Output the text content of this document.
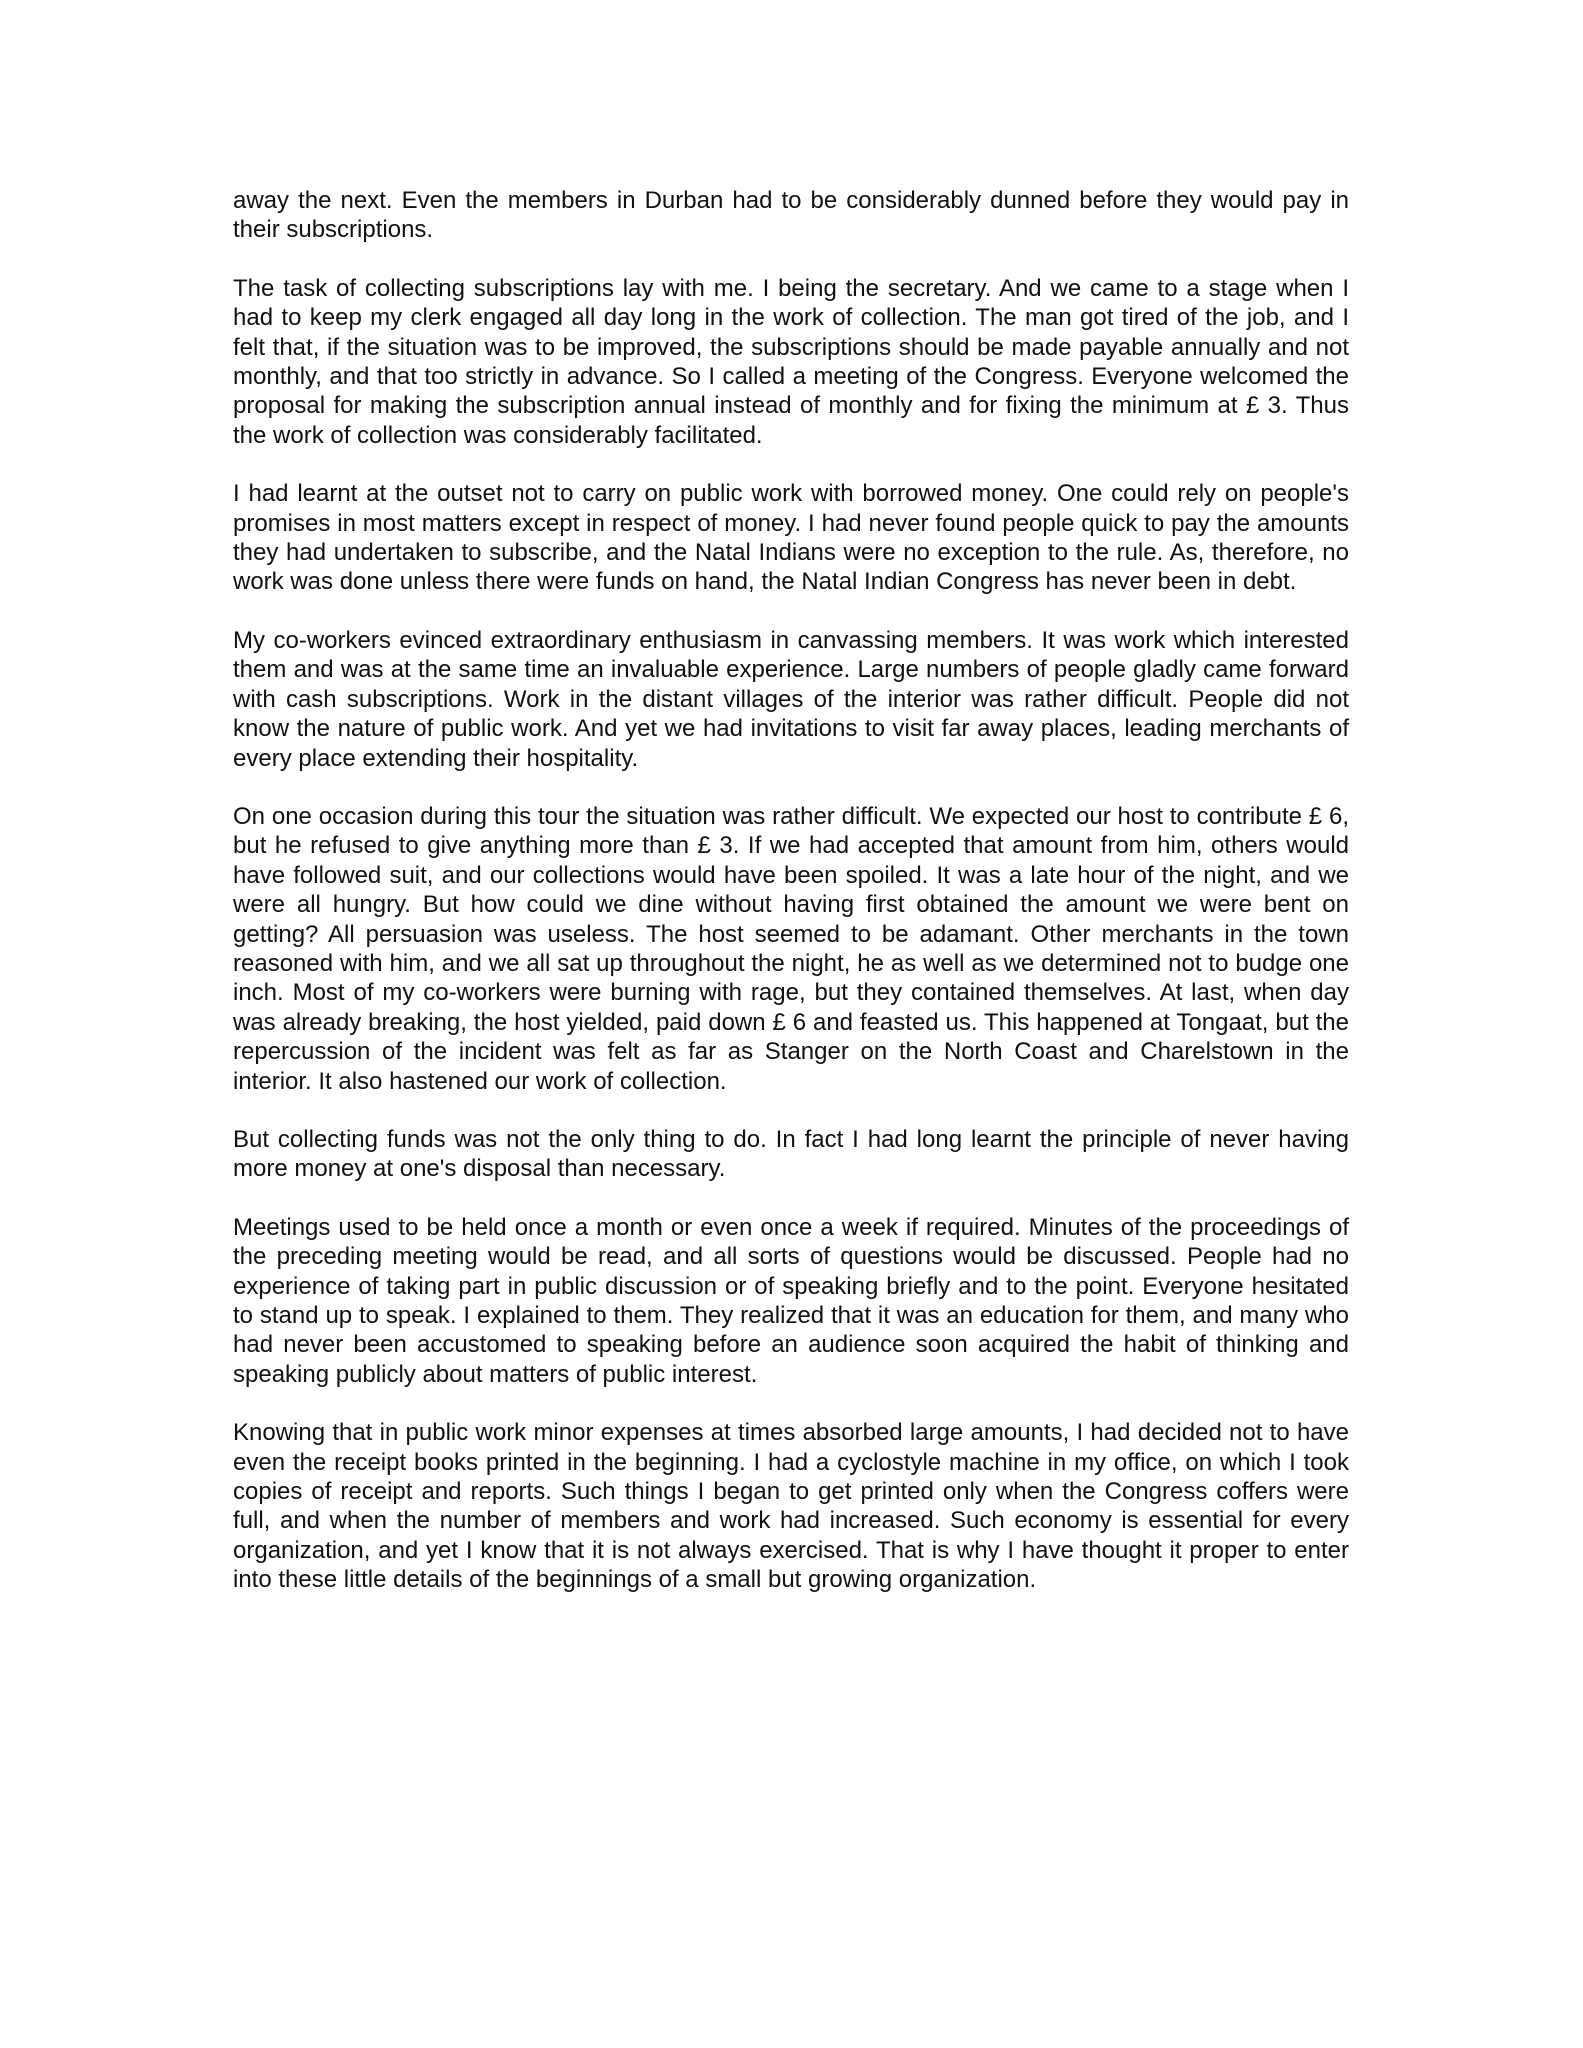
away the next. Even the members in Durban had to be considerably dunned before they would pay in their subscriptions.

The task of collecting subscriptions lay with me. I being the secretary. And we came to a stage when I had to keep my clerk engaged all day long in the work of collection. The man got tired of the job, and I felt that, if the situation was to be improved, the subscriptions should be made payable annually and not monthly, and that too strictly in advance. So I called a meeting of the Congress. Everyone welcomed the proposal for making the subscription annual instead of monthly and for fixing the minimum at £ 3. Thus the work of collection was considerably facilitated.

I had learnt at the outset not to carry on public work with borrowed money. One could rely on people's promises in most matters except in respect of money. I had never found people quick to pay the amounts they had undertaken to subscribe, and the Natal Indians were no exception to the rule. As, therefore, no work was done unless there were funds on hand, the Natal Indian Congress has never been in debt.

My co-workers evinced extraordinary enthusiasm in canvassing members. It was work which interested them and was at the same time an invaluable experience. Large numbers of people gladly came forward with cash subscriptions. Work in the distant villages of the interior was rather difficult. People did not know the nature of public work. And yet we had invitations to visit far away places, leading merchants of every place extending their hospitality.

On one occasion during this tour the situation was rather difficult. We expected our host to contribute £ 6, but he refused to give anything more than £ 3. If we had accepted that amount from him, others would have followed suit, and our collections would have been spoiled. It was a late hour of the night, and we were all hungry. But how could we dine without having first obtained the amount we were bent on getting? All persuasion was useless. The host seemed to be adamant. Other merchants in the town reasoned with him, and we all sat up throughout the night, he as well as we determined not to budge one inch. Most of my co-workers were burning with rage, but they contained themselves. At last, when day was already breaking, the host yielded, paid down £ 6 and feasted us. This happened at Tongaat, but the repercussion of the incident was felt as far as Stanger on the North Coast and Charelstown in the interior. It also hastened our work of collection.

But collecting funds was not the only thing to do. In fact I had long learnt the principle of never having more money at one's disposal than necessary.

Meetings used to be held once a month or even once a week if required. Minutes of the proceedings of the preceding meeting would be read, and all sorts of questions would be discussed. People had no experience of taking part in public discussion or of speaking briefly and to the point. Everyone hesitated to stand up to speak. I explained to them. They realized that it was an education for them, and many who had never been accustomed to speaking before an audience soon acquired the habit of thinking and speaking publicly about matters of public interest.

Knowing that in public work minor expenses at times absorbed large amounts, I had decided not to have even the receipt books printed in the beginning. I had a cyclostyle machine in my office, on which I took copies of receipt and reports. Such things I began to get printed only when the Congress coffers were full, and when the number of members and work had increased. Such economy is essential for every organization, and yet I know that it is not always exercised. That is why I have thought it proper to enter into these little details of the beginnings of a small but growing organization.
